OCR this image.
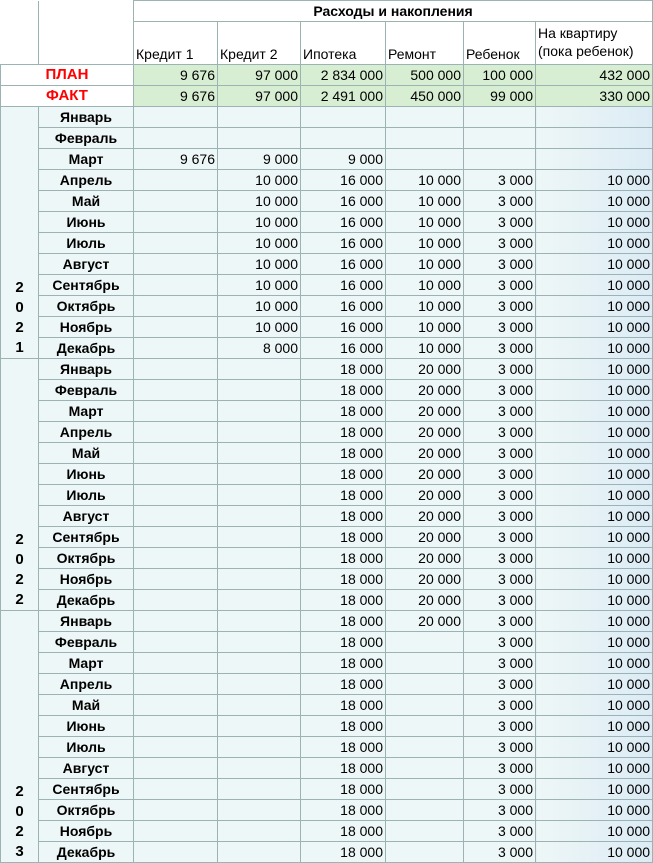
		Расходы и накопления					
		Кредит 1	Кредит 2	Ипотека	Ремонт	Ребенок	На квартиру
(пока ребенок)
ПЛАН		9 676	97 000	2 834 000	500 000	100 000	432 000
ФАКТ		9 676	97 000	2 491 000	450 000	99 000	330 000

2021	Январь						
	Февраль						
	Март	9 676	9 000	9 000			
	Апрель		10 000	16 000	10 000	3 000	10 000
	Май		10 000	16 000	10 000	3 000	10 000
	Июнь		10 000	16 000	10 000	3 000	10 000
	Июль		10 000	16 000	10 000	3 000	10 000
	Август		10 000	16 000	10 000	3 000	10 000
	Сентябрь		10 000	16 000	10 000	3 000	10 000
	Октябрь		10 000	16 000	10 000	3 000	10 000
	Ноябрь		10 000	16 000	10 000	3 000	10 000
	Декабрь		8 000	16 000	10 000	3 000	10 000

2022	Январь			18 000	20 000	3 000	10 000
	Февраль			18 000	20 000	3 000	10 000
	Март			18 000	20 000	3 000	10 000
	Апрель			18 000	20 000	3 000	10 000
	Май			18 000	20 000	3 000	10 000
	Июнь			18 000	20 000	3 000	10 000
	Июль			18 000	20 000	3 000	10 000
	Август			18 000	20 000	3 000	10 000
	Сентябрь			18 000	20 000	3 000	10 000
	Октябрь			18 000	20 000	3 000	10 000
	Ноябрь			18 000	20 000	3 000	10 000
	Декабрь			18 000	20 000	3 000	10 000

2023	Январь			18 000	20 000	3 000	10 000
	Февраль			18 000		3 000	10 000
	Март			18 000		3 000	10 000
	Апрель			18 000		3 000	10 000
	Май			18 000		3 000	10 000
	Июнь			18 000		3 000	10 000
	Июль			18 000		3 000	10 000
	Август			18 000		3 000	10 000
	Сентябрь			18 000		3 000	10 000
	Октябрь			18 000		3 000	10 000
	Ноябрь			18 000		3 000	10 000
	Декабрь			18 000		3 000	10 000
